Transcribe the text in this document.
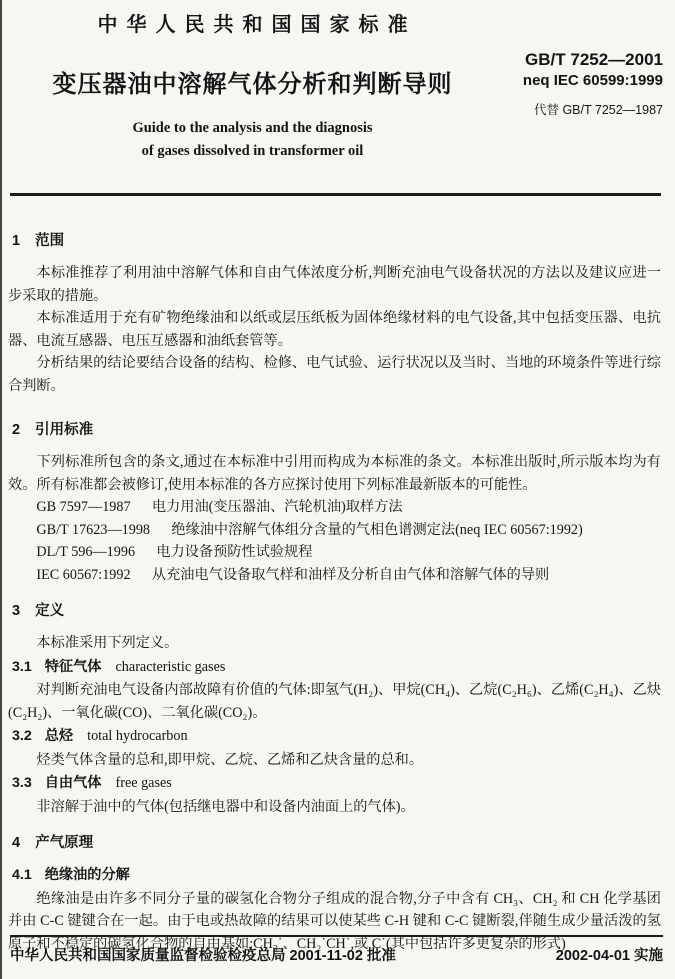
中华人民共和国国家标准
变压器油中溶解气体分析和判断导则
Guide to the analysis and the diagnosis
of gases dissolved in transformer oil
GB/T 7252—2001
neq IEC 60599:1999
代替 GB/T 7252—1987
1 范围

本标准推荐了利用油中溶解气体和自由气体浓度分析,判断充油电气设备状况的方法以及建议应进一步采取的措施。

本标准适用于充有矿物绝缘油和以纸或层压纸板为固体绝缘材料的电气设备,其中包括变压器、电抗器、电流互感器、电压互感器和油纸套管等。

分析结果的结论要结合设备的结构、检修、电气试验、运行状况以及当时、当地的环境条件等进行综合判断。

2 引用标准

下列标准所包含的条文,通过在本标准中引用而构成为本标准的条文。本标准出版时,所示版本均为有效。所有标准都会被修订,使用本标准的各方应探讨使用下列标准最新版本的可能性。

GB 7597—1987 电力用油(变压器油、汽轮机油)取样方法

GB/T 17623—1998 绝缘油中溶解气体组分含量的气相色谱测定法(neq IEC 60567:1992)

DL/T 596—1996 电力设备预防性试验规程

IEC 60567:1992 从充油电气设备取气样和油样及分析自由气体和溶解气体的导则

3 定义

本标准采用下列定义。

3.1 特征气体 characteristic gases

对判断充油电气设备内部故障有价值的气体:即氢气(H₂)、甲烷(CH₄)、乙烷(C₂H₆)、乙烯(C₂H₄)、乙炔(C₂H₂)、一氧化碳(CO)、二氧化碳(CO₂)。

3.2 总烃 total hydrocarbon

烃类气体含量的总和,即甲烷、乙烷、乙烯和乙炔含量的总和。

3.3 自由气体 free gases

非溶解于油中的气体(包括继电器中和设备内油面上的气体)。

4 产气原理
4.1 绝缘油的分解

绝缘油是由许多不同分子量的碳氢化合物分子组成的混合物,分子中含有 CH₃、CH₂ 和 CH 化学基团并由 C-C 键键合在一起。由于电或热故障的结果可以使某些 C-H 键和 C-C 键断裂,伴随生成少量活泼的氢原子和不稳定的碳氢化合物的自由基如:CH₃˙、CH₂˙CH˙,或 C˙(其中包括许多更复杂的形式)

中华人民共和国国家质量监督检验检疫总局 2001-11-02 批准	2002-04-01 实施
